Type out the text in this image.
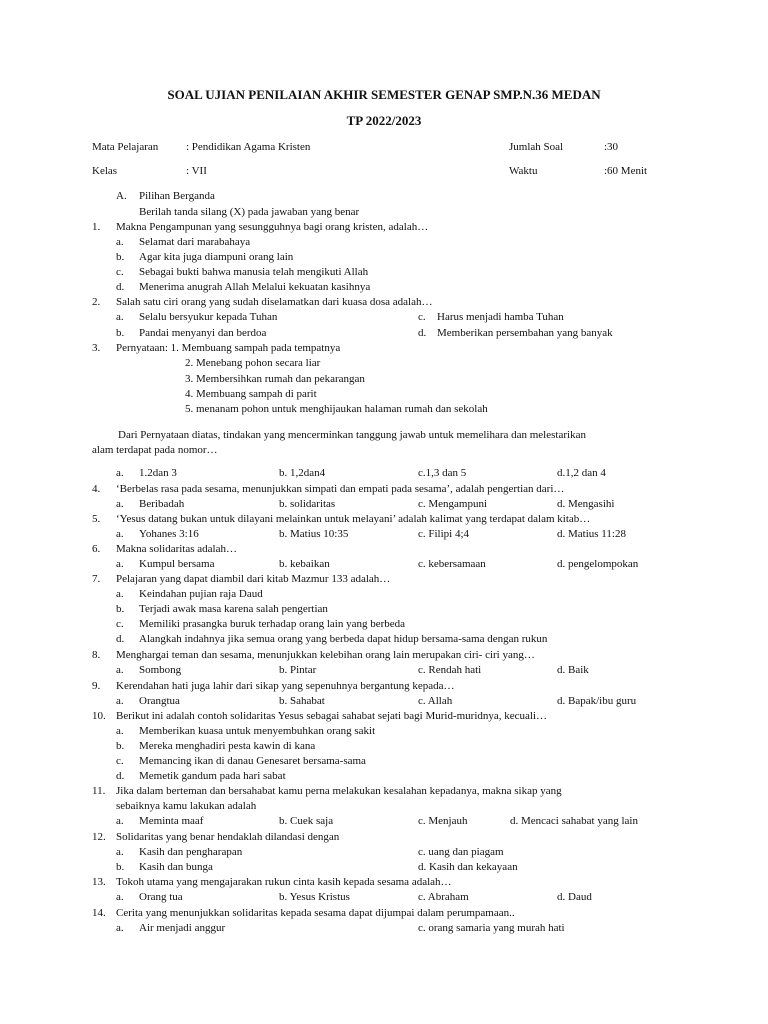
SOAL UJIAN PENILAIAN AKHIR SEMESTER GENAP SMP.N.36 MEDAN
TP 2022/2023
Mata Pelajaran	: Pendidikan Agama Kristen	Jumlah Soal	:30
Kelas	: VII	Waktu	:60 Menit
A. Pilihan Berganda
Berilah tanda silang (X) pada jawaban yang benar
1. Makna Pengampunan yang sesungguhnya bagi orang kristen, adalah…
a. Selamat dari marabahaya
b. Agar kita juga diampuni orang lain
c. Sebagai bukti bahwa manusia telah mengikuti Allah
d. Menerima anugrah Allah Melalui kekuatan kasihnya
2. Salah satu ciri orang yang sudah diselamatkan dari kuasa dosa adalah…
a. Selalu bersyukur kepada Tuhan	c. Harus menjadi hamba Tuhan
b. Pandai menyanyi dan berdoa	d. Memberikan persembahan yang banyak
3. Pernyataan: 1. Membuang sampah pada tempatnya
2. Menebang pohon secara liar
3. Membersihkan rumah dan pekarangan
4. Membuang sampah di parit
5. menanam pohon untuk menghijaukan halaman rumah dan sekolah
Dari Pernyataan diatas, tindakan yang mencerminkan tanggung jawab untuk memelihara dan melestarikan
alam terdapat pada nomor…
a. 1.2dan 3	b. 1,2dan4	c.1,3 dan 5	d.1,2 dan 4
4. ‘Berbelas rasa pada sesama, menunjukkan simpati dan empati pada sesama’, adalah pengertian dari…
a. Beribadah	b. solidaritas	c. Mengampuni	d. Mengasihi
5. ‘Yesus datang bukan untuk dilayani melainkan untuk melayani’ adalah kalimat yang terdapat dalam kitab…
a. Yohanes 3:16	b. Matius 10:35	c. Filipi 4;4	d. Matius 11:28
6. Makna solidaritas adalah…
a. Kumpul bersama	b. kebaikan	c. kebersamaan	d. pengelompokan
7. Pelajaran yang dapat diambil dari kitab Mazmur 133 adalah…
a. Keindahan pujian raja Daud
b. Terjadi awak masa karena salah pengertian
c. Memiliki prasangka buruk terhadap orang lain yang berbeda
d. Alangkah indahnya jika semua orang yang berbeda dapat hidup bersama-sama dengan rukun
8. Menghargai teman dan sesama, menunjukkan kelebihan orang lain merupakan ciri- ciri yang…
a. Sombong	b. Pintar	c. Rendah hati	d. Baik
9. Kerendahan hati juga lahir dari sikap yang sepenuhnya bergantung kepada…
a. Orangtua	b. Sahabat	c. Allah	d. Bapak/ibu guru
10. Berikut ini adalah contoh solidaritas Yesus sebagai sahabat sejati bagi Murid-muridnya, kecuali…
a. Memberikan kuasa untuk menyembuhkan orang sakit
b. Mereka menghadiri pesta kawin di kana
c. Memancing ikan di danau Genesaret bersama-sama
d. Memetik gandum pada hari sabat
11. Jika dalam berteman dan bersahabat kamu perna melakukan kesalahan kepadanya, makna sikap yang
sebaiknya kamu lakukan adalah
a. Meminta maaf	b. Cuek saja	c. Menjauh	d. Mencaci sahabat yang lain
12. Solidaritas yang benar hendaklah dilandasi dengan
a. Kasih dan pengharapan	c. uang dan piagam
b. Kasih dan bunga	d. Kasih dan kekayaan
13. Tokoh utama yang mengajarakan rukun cinta kasih kepada sesama adalah…
a. Orang tua	b. Yesus Kristus	c. Abraham	d. Daud
14. Cerita yang menunjukkan solidaritas kepada sesama dapat dijumpai dalam perumpamaan..
a. Air menjadi anggur	c. orang samaria yang murah hati
